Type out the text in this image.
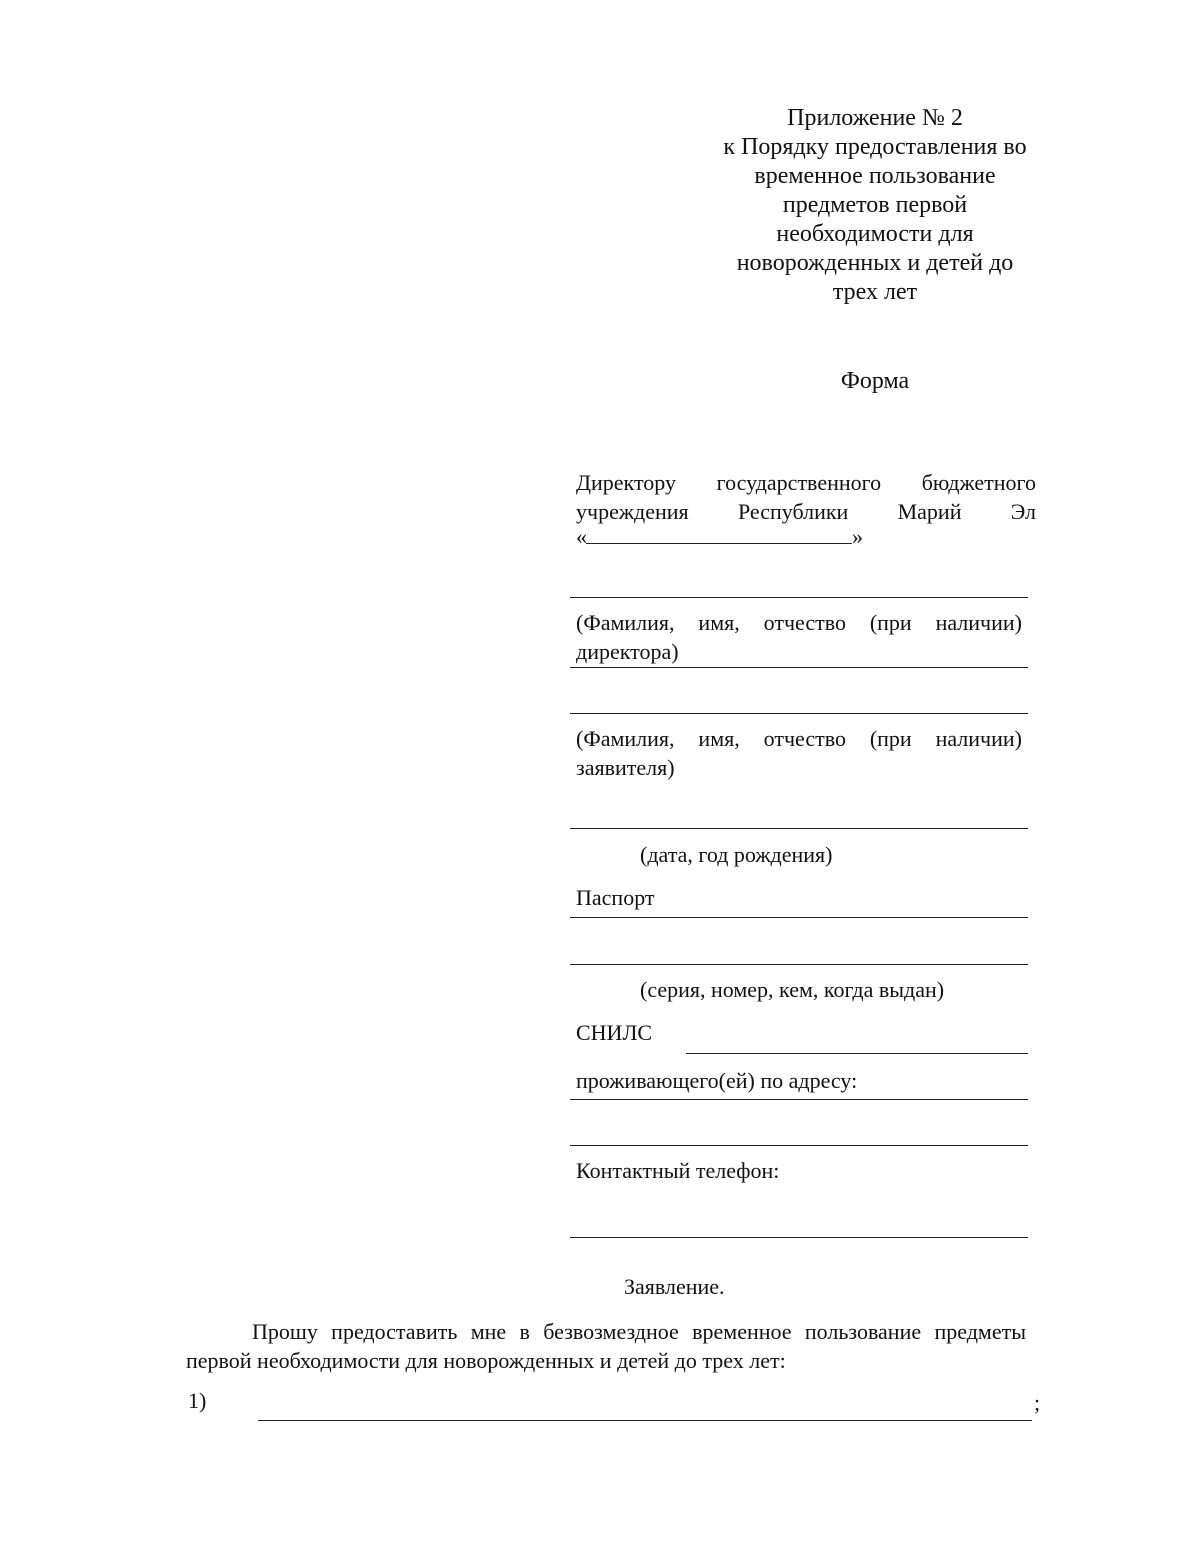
Приложение № 2
к Порядку предоставления во
временное пользование
предметов первой
необходимости для
новорожденных и детей до
трех лет
Форма
Директору государственного бюджетного
учреждения Республики Марий Эл
«	»
(Фамилия, имя, отчество (при наличии)
директора)
(Фамилия, имя, отчество (при наличии)
заявителя)
(дата, год рождения)
Паспорт
(серия, номер, кем, когда выдан)
СНИЛС
проживающего(ей) по адресу:
Контактный телефон:
Заявление.
Прошу предоставить мне в безвозмездное временное пользование предметы
первой необходимости для новорожденных и детей до трех лет:
1)	;
